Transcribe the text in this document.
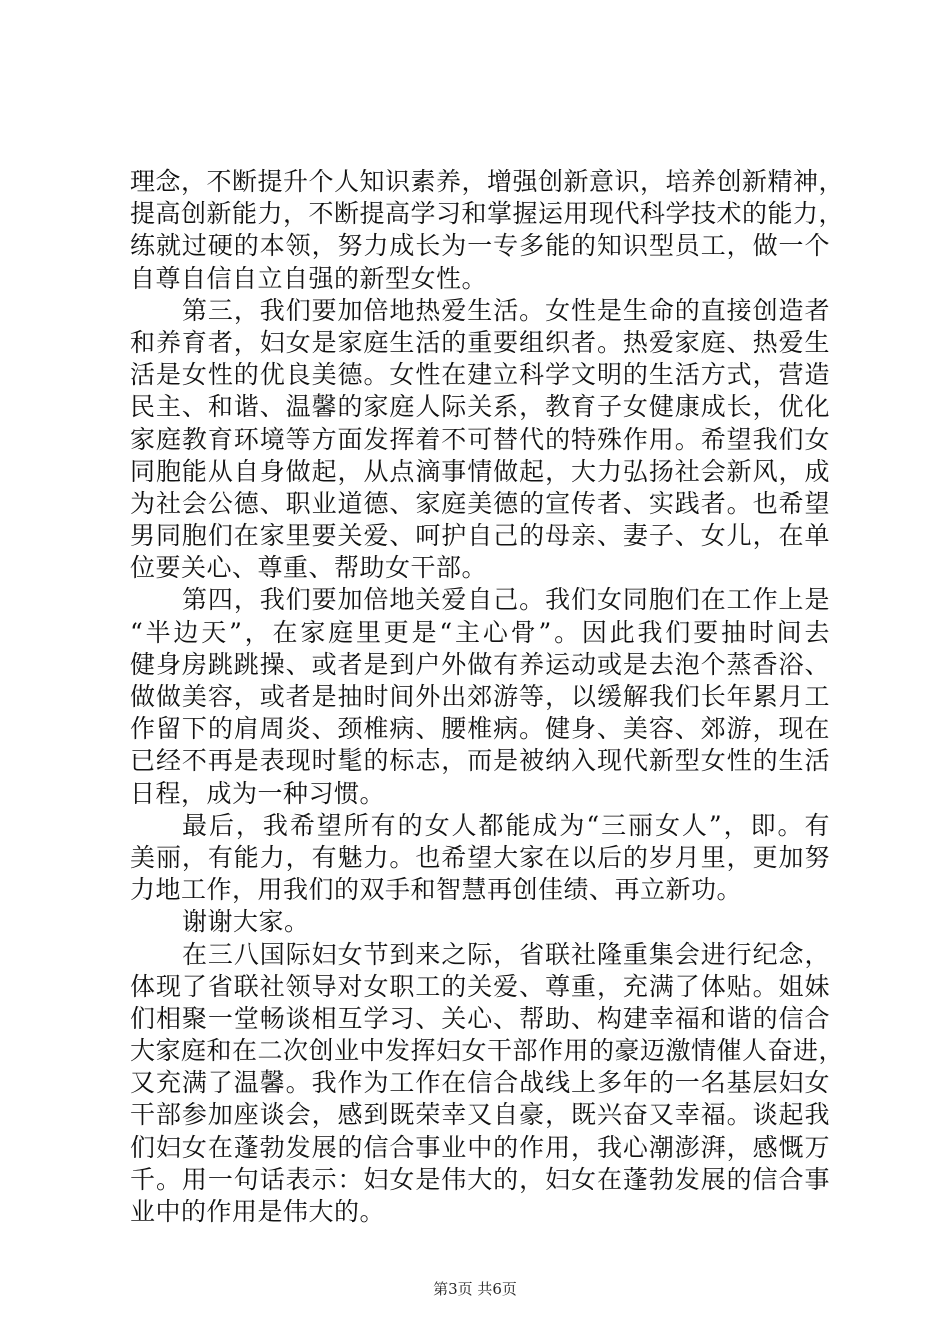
理念，不断提升个人知识素养，增强创新意识，培养创新精神，
提高创新能力，不断提高学习和掌握运用现代科学技术的能力，
练就过硬的本领，努力成长为一专多能的知识型员工，做一个
自尊自信自立自强的新型女性。
第三，我们要加倍地热爱生活。女性是生命的直接创造者
和养育者，妇女是家庭生活的重要组织者。热爱家庭、热爱生
活是女性的优良美德。女性在建立科学文明的生活方式，营造
民主、和谐、温馨的家庭人际关系，教育子女健康成长，优化
家庭教育环境等方面发挥着不可替代的特殊作用。希望我们女
同胞能从自身做起，从点滴事情做起，大力弘扬社会新风，成
为社会公德、职业道德、家庭美德的宣传者、实践者。也希望
男同胞们在家里要关爱、呵护自己的母亲、妻子、女儿，在单
位要关心、尊重、帮助女干部。
第四，我们要加倍地关爱自己。我们女同胞们在工作上是
“半边天”，在家庭里更是“主心骨”。因此我们要抽时间去
健身房跳跳操、或者是到户外做有养运动或是去泡个蒸香浴、
做做美容，或者是抽时间外出郊游等，以缓解我们长年累月工
作留下的肩周炎、颈椎病、腰椎病。健身、美容、郊游，现在
已经不再是表现时髦的标志，而是被纳入现代新型女性的生活
日程，成为一种习惯。
最后，我希望所有的女人都能成为“三丽女人”，即。有
美丽，有能力，有魅力。也希望大家在以后的岁月里，更加努
力地工作，用我们的双手和智慧再创佳绩、再立新功。
谢谢大家。
在三八国际妇女节到来之际，省联社隆重集会进行纪念，
体现了省联社领导对女职工的关爱、尊重，充满了体贴。姐妹
们相聚一堂畅谈相互学习、关心、帮助、构建幸福和谐的信合
大家庭和在二次创业中发挥妇女干部作用的豪迈激情催人奋进，
又充满了温馨。我作为工作在信合战线上多年的一名基层妇女
干部参加座谈会，感到既荣幸又自豪，既兴奋又幸福。谈起我
们妇女在蓬勃发展的信合事业中的作用，我心潮澎湃，感慨万
千。用一句话表示：妇女是伟大的，妇女在蓬勃发展的信合事
业中的作用是伟大的。
第3页 共6页
